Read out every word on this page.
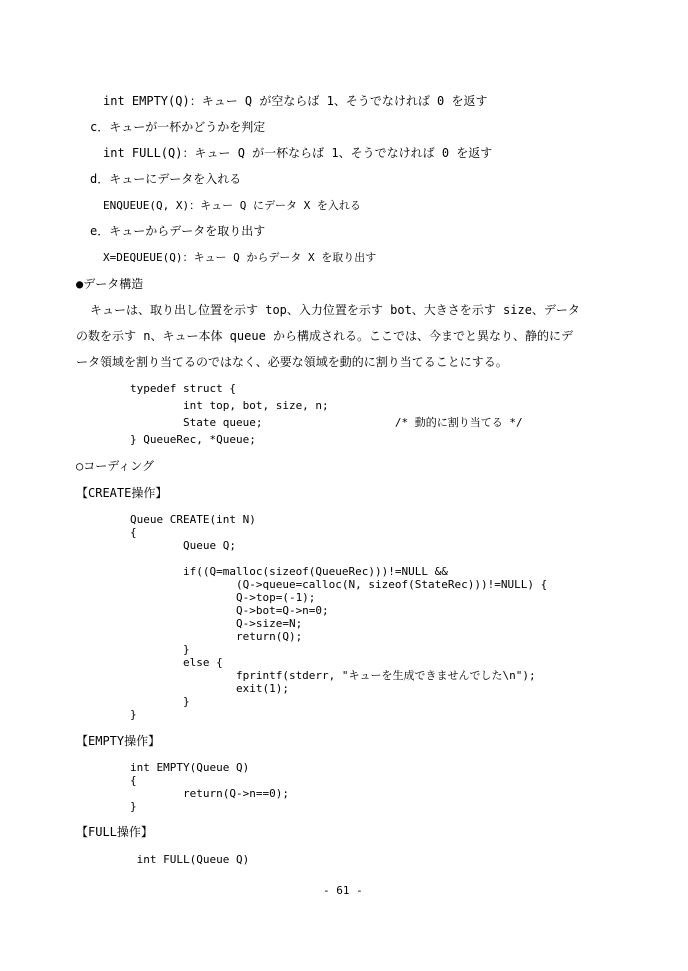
int EMPTY(Q)：キュー Q が空ならば 1、そうでなければ 0 を返す
c．キューが一杯かどうかを判定
int FULL(Q)：キュー Q が一杯ならば 1、そうでなければ 0 を返す
d．キューにデータを入れる
ENQUEUE(Q, X)：キュー Q にデータ X を入れる
e．キューからデータを取り出す
X=DEQUEUE(Q)：キュー Q からデータ X を取り出す
●データ構造
キューは、取り出し位置を示す top、入力位置を示す bot、大きさを示す size、データ
の数を示す n、キュー本体 queue から構成される。ここでは、今までと異なり、静的にデ
ータ領域を割り当てるのではなく、必要な領域を動的に割り当てることにする。
typedef struct {
int top, bot, size, n;
State queue;                    /* 動的に割り当てる */
} QueueRec, *Queue;
○コーディング
【CREATE操作】
Queue CREATE(int N)
{
Queue Q;
if((Q=malloc(sizeof(QueueRec)))!=NULL &&
(Q->queue=calloc(N, sizeof(StateRec)))!=NULL) {
Q->top=(-1);
Q->bot=Q->n=0;
Q->size=N;
return(Q);
}
else {
fprintf(stderr, "キューを生成できませんでした\n");
exit(1);
}
}
【EMPTY操作】
int EMPTY(Queue Q)
{
return(Q->n==0);
}
【FULL操作】
int FULL(Queue Q)
- 61 -
